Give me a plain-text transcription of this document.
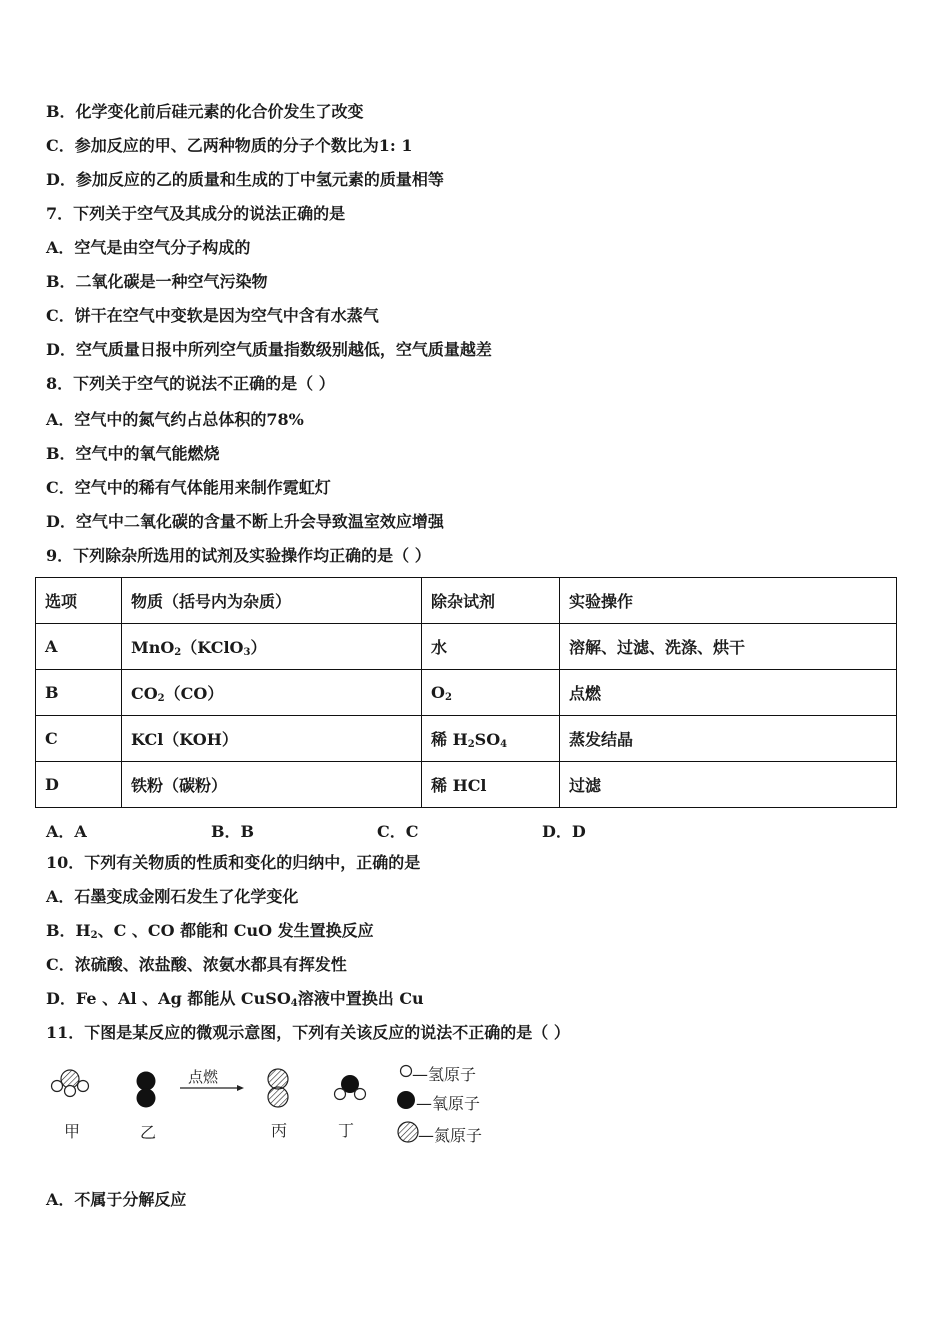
B．化学变化前后硅元素的化合价发生了改变
C．参加反应的甲、乙两种物质的分子个数比为1: 1
D．参加反应的乙的质量和生成的丁中氢元素的质量相等
7．下列关于空气及其成分的说法正确的是
A．空气是由空气分子构成的
B．二氧化碳是一种空气污染物
C．饼干在空气中变软是因为空气中含有水蒸气
D．空气质量日报中所列空气质量指数级别越低，空气质量越差
8．下列关于空气的说法不正确的是（ ）
A．空气中的氮气约占总体积的78%
B．空气中的氧气能燃烧
C．空气中的稀有气体能用来制作霓虹灯
D．空气中二氧化碳的含量不断上升会导致温室效应增强
9．下列除杂所选用的试剂及实验操作均正确的是（ ）
选项	物质（括号内为杂质）	除杂试剂	实验操作
A	MnO$_2$（KClO$_3$）	水	溶解、过滤、洗涤、烘干
B	$CO_2(CO)$	$O_2$	点燃
C	KCl（KOH）	稀 $H_2SO_4$	蒸发结晶
D	铁粉（碳粉）	稀 HCl	过滤
A．A	B．B	C．C	D．D
10．下列有关物质的性质和变化的归纳中，正确的是
A．石墨变成金刚石发生了化学变化
B．$H_2$、C 、CO 都能和 CuO 发生置换反应
C．浓硫酸、浓盐酸、浓氨水都具有挥发性
D．Fe 、Al 、Ag 都能从 CuSO$_4$溶液中置换出 Cu
11．下图是某反应的微观示意图，下列有关该反应的说法不正确的是（ ）
甲	乙	丙	丁
点燃	—氢原子
—氧原子
—氮原子
A．不属于分解反应
